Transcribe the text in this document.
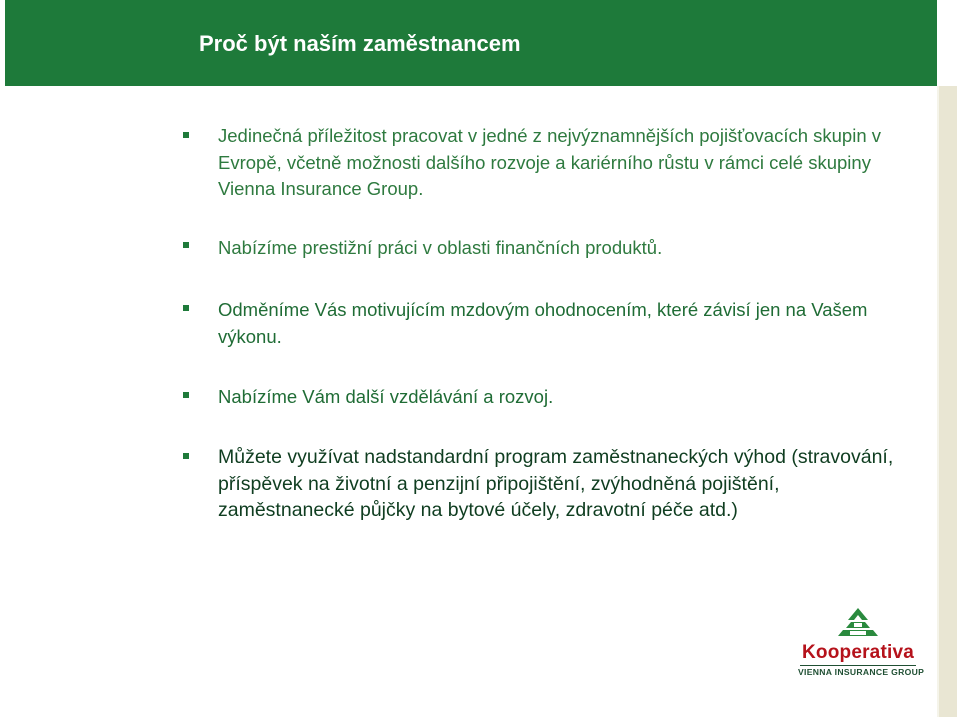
Proč být naším zaměstnancem

Jedinečná příležitost pracovat v jedné z nejvýznamnějších pojišťovacích skupin v Evropě, včetně možnosti dalšího rozvoje a kariérního růstu v rámci celé skupiny Vienna Insurance Group.

Nabízíme prestižní práci v oblasti finančních produktů.

Odměníme Vás motivujícím mzdovým ohodnocením, které závisí jen na Vašem výkonu.

Nabízíme Vám další vzdělávání a rozvoj.

Můžete využívat nadstandardní program zaměstnaneckých výhod (stravování, příspěvek na životní a penzijní připojištění, zvýhodněná pojištění, zaměstnanecké půjčky na bytové účely, zdravotní péče atd.)

Kooperativa
VIENNA INSURANCE GROUP
